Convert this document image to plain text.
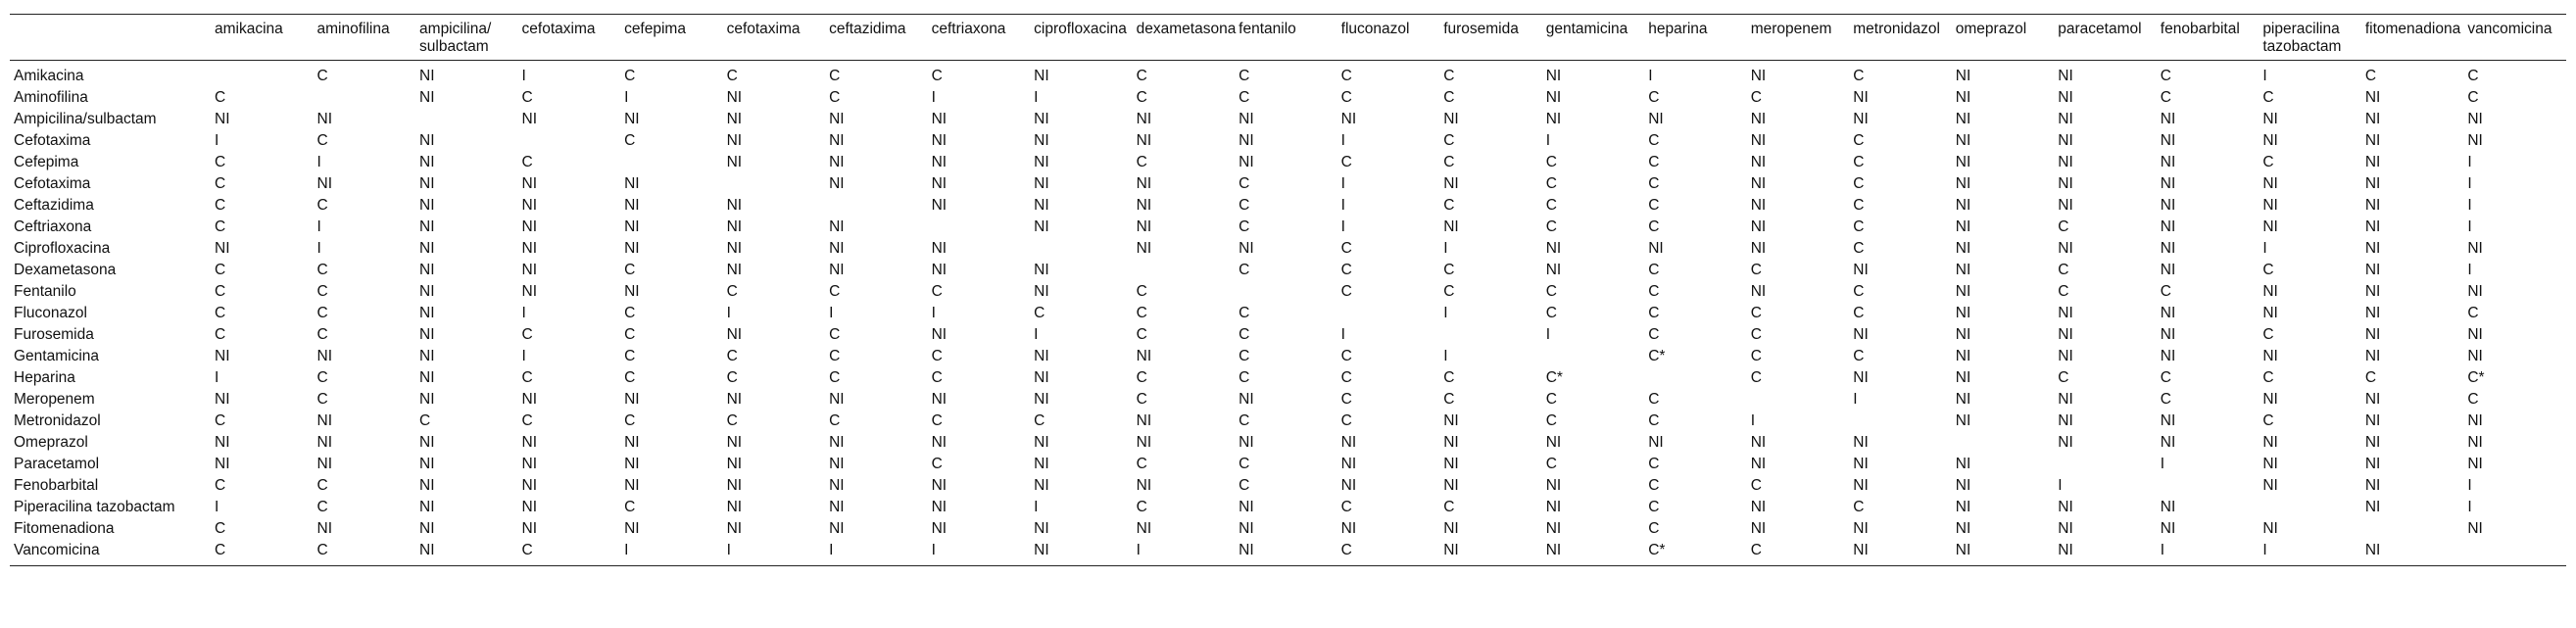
	amikacina	aminofilina	ampicilina/ sulbactam	cefotaxima	cefepima	cefotaxima	ceftazidima	ceftriaxona	ciprofloxacina	dexametasona	fentanilo	fluconazol	furosemida	gentamicina	heparina	meropenem	metronidazol	omeprazol	paracetamol	fenobarbital	piperacilina tazobactam	fitomenadiona	vancomicina
Amikacina		C	NI	I	C	C	C	C	NI	C	C	C	C	NI	I	NI	C	NI	NI	C	I	C	C
Aminofilina	C		NI	C	I	NI	C	I	I	C	C	C	C	NI	C	C	NI	NI	NI	C	C	NI	C
Ampicilina/sulbactam	NI	NI		NI	NI	NI	NI	NI	NI	NI	NI	NI	NI	NI	NI	NI	NI	NI	NI	NI	NI	NI	NI
Cefotaxima	I	C	NI		C	NI	NI	NI	NI	NI	NI	I	C	I	C	NI	C	NI	NI	NI	NI	NI	NI
Cefepima	C	I	NI	C		NI	NI	NI	NI	C	NI	C	C	C	C	NI	C	NI	NI	NI	C	NI	I
Cefotaxima	C	NI	NI	NI	NI		NI	NI	NI	NI	C	I	NI	C	C	NI	C	NI	NI	NI	NI	NI	I
Ceftazidima	C	C	NI	NI	NI	NI		NI	NI	NI	C	I	C	C	C	NI	C	NI	NI	NI	NI	NI	I
Ceftriaxona	C	I	NI	NI	NI	NI	NI		NI	NI	C	I	NI	C	C	NI	C	NI	C	NI	NI	NI	I
Ciprofloxacina	NI	I	NI	NI	NI	NI	NI	NI		NI	NI	C	I	NI	NI	NI	C	NI	NI	NI	I	NI	NI
Dexametasona	C	C	NI	NI	C	NI	NI	NI	NI		C	C	C	NI	C	C	NI	NI	C	NI	C	NI	I
Fentanilo	C	C	NI	NI	NI	C	C	C	NI	C		C	C	C	C	NI	C	NI	C	C	NI	NI	NI
Fluconazol	C	C	NI	I	C	I	I	I	C	C	C		I	C	C	C	C	NI	NI	NI	NI	NI	C
Furosemida	C	C	NI	C	C	NI	C	NI	I	C	C	I		I	C	C	NI	NI	NI	NI	C	NI	NI
Gentamicina	NI	NI	NI	I	C	C	C	C	NI	NI	C	C	I		C*	C	C	NI	NI	NI	NI	NI	NI
Heparina	I	C	NI	C	C	C	C	C	NI	C	C	C	C	C*		C	NI	NI	C	C	C	C	C*
Meropenem	NI	C	NI	NI	NI	NI	NI	NI	NI	C	NI	C	C	C	C		I	NI	NI	C	NI	NI	C
Metronidazol	C	NI	C	C	C	C	C	C	C	NI	C	C	NI	C	C	I		NI	NI	NI	C	NI	NI
Omeprazol	NI	NI	NI	NI	NI	NI	NI	NI	NI	NI	NI	NI	NI	NI	NI	NI	NI		NI	NI	NI	NI	NI
Paracetamol	NI	NI	NI	NI	NI	NI	NI	C	NI	C	C	NI	NI	C	C	NI	NI	NI		I	NI	NI	NI
Fenobarbital	C	C	NI	NI	NI	NI	NI	NI	NI	NI	C	NI	NI	NI	C	C	NI	NI	I		NI	NI	I
Piperacilina tazobactam	I	C	NI	NI	C	NI	NI	NI	I	C	NI	C	C	NI	C	NI	C	NI	NI	NI		NI	I
Fitomenadiona	C	NI	NI	NI	NI	NI	NI	NI	NI	NI	NI	NI	NI	NI	C	NI	NI	NI	NI	NI	NI		NI
Vancomicina	C	C	NI	C	I	I	I	I	NI	I	NI	C	NI	NI	C*	C	NI	NI	NI	I	I	NI	
